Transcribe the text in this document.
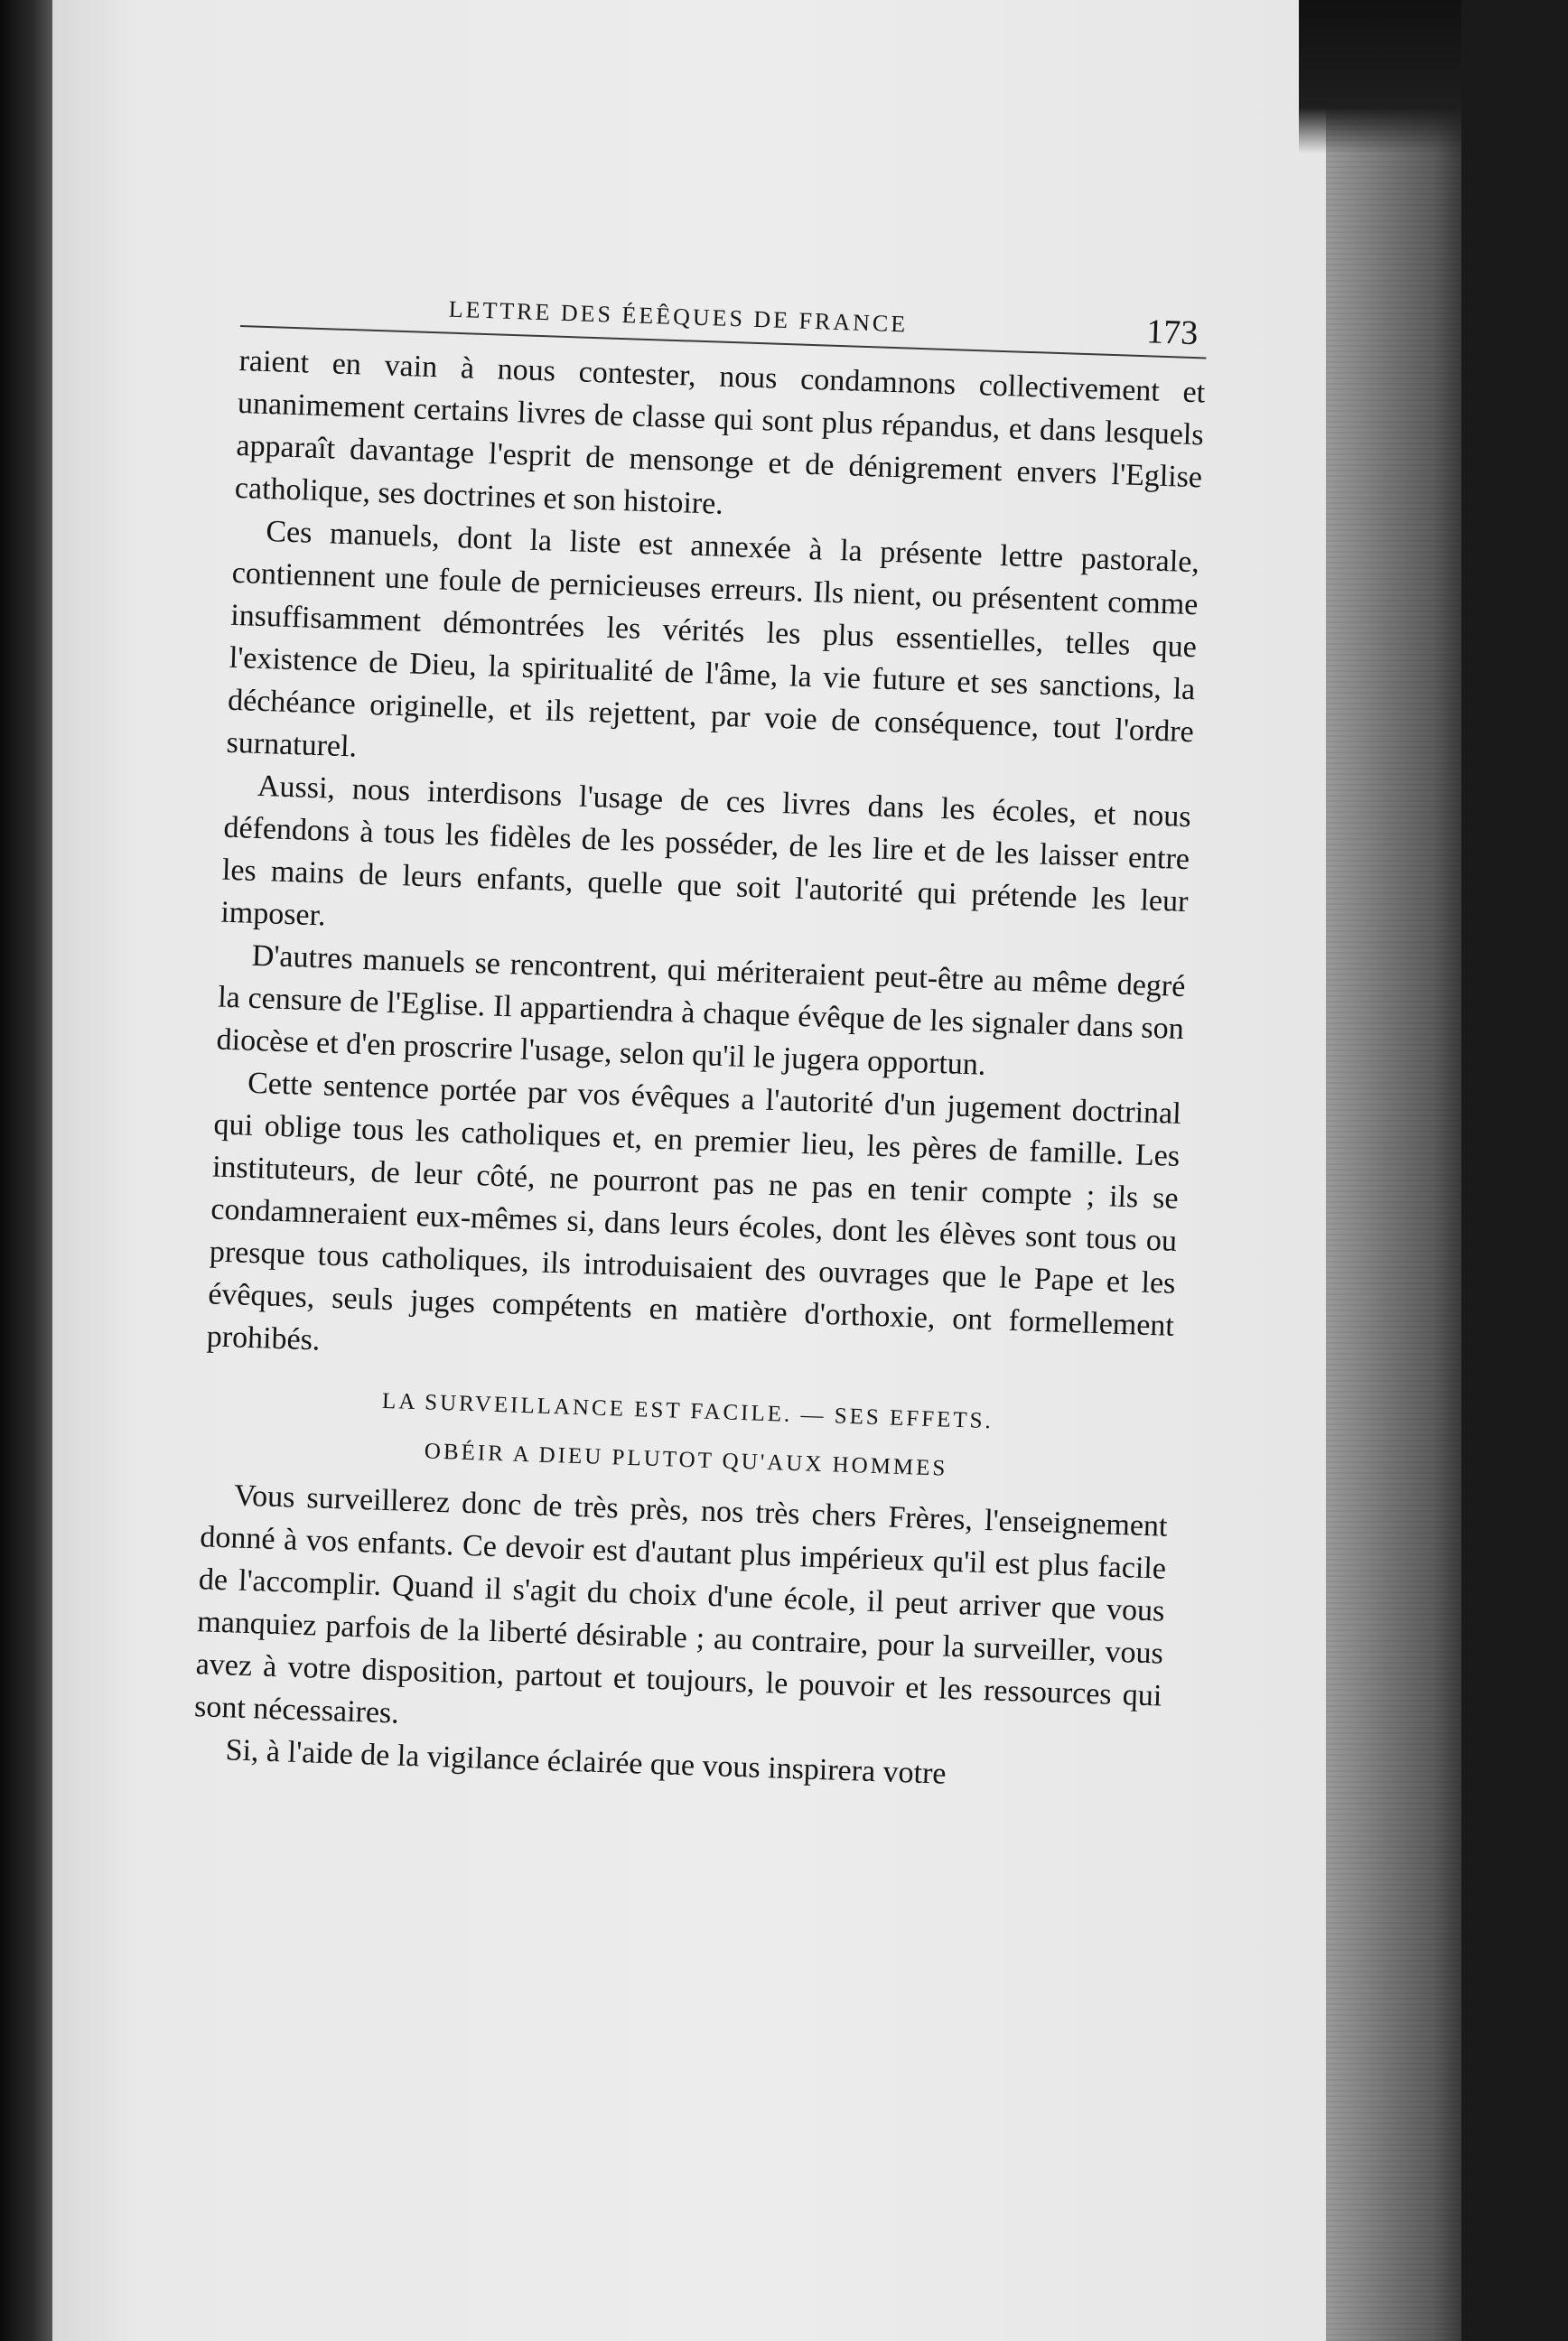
LETTRE DES ÉEÊQUES DE FRANCE	173

raient en vain à nous contester, nous condamnons collectivement et unanimement certains livres de classe qui sont plus répandus, et dans lesquels apparaît davantage l'esprit de mensonge et de dénigrement envers l'Eglise catholique, ses doctrines et son histoire.

Ces manuels, dont la liste est annexée à la présente lettre pastorale, contiennent une foule de pernicieuses erreurs. Ils nient, ou présentent comme insuffisamment démontrées les vérités les plus essentielles, telles que l'existence de Dieu, la spiritualité de l'âme, la vie future et ses sanctions, la déchéance originelle, et ils rejettent, par voie de conséquence, tout l'ordre surnaturel.

Aussi, nous interdisons l'usage de ces livres dans les écoles, et nous défendons à tous les fidèles de les posséder, de les lire et de les laisser entre les mains de leurs enfants, quelle que soit l'autorité qui prétende les leur imposer.

D'autres manuels se rencontrent, qui mériteraient peut-être au même degré la censure de l'Eglise. Il appartiendra à chaque évêque de les signaler dans son diocèse et d'en proscrire l'usage, selon qu'il le jugera opportun.

Cette sentence portée par vos évêques a l'autorité d'un jugement doctrinal qui oblige tous les catholiques et, en premier lieu, les pères de famille. Les instituteurs, de leur côté, ne pourront pas ne pas en tenir compte ; ils se condamneraient eux-mêmes si, dans leurs écoles, dont les élèves sont tous ou presque tous catholiques, ils introduisaient des ouvrages que le Pape et les évêques, seuls juges compétents en matière d'orthoxie, ont formellement prohibés.

LA SURVEILLANCE EST FACILE. — SES EFFETS.
OBÉIR A DIEU PLUTOT QU'AUX HOMMES

Vous surveillerez donc de très près, nos très chers Frères, l'enseignement donné à vos enfants. Ce devoir est d'autant plus impérieux qu'il est plus facile de l'accomplir. Quand il s'agit du choix d'une école, il peut arriver que vous manquiez parfois de la liberté désirable ; au contraire, pour la surveiller, vous avez à votre disposition, partout et toujours, le pouvoir et les ressources qui sont nécessaires.

Si, à l'aide de la vigilance éclairée que vous inspirera votre
